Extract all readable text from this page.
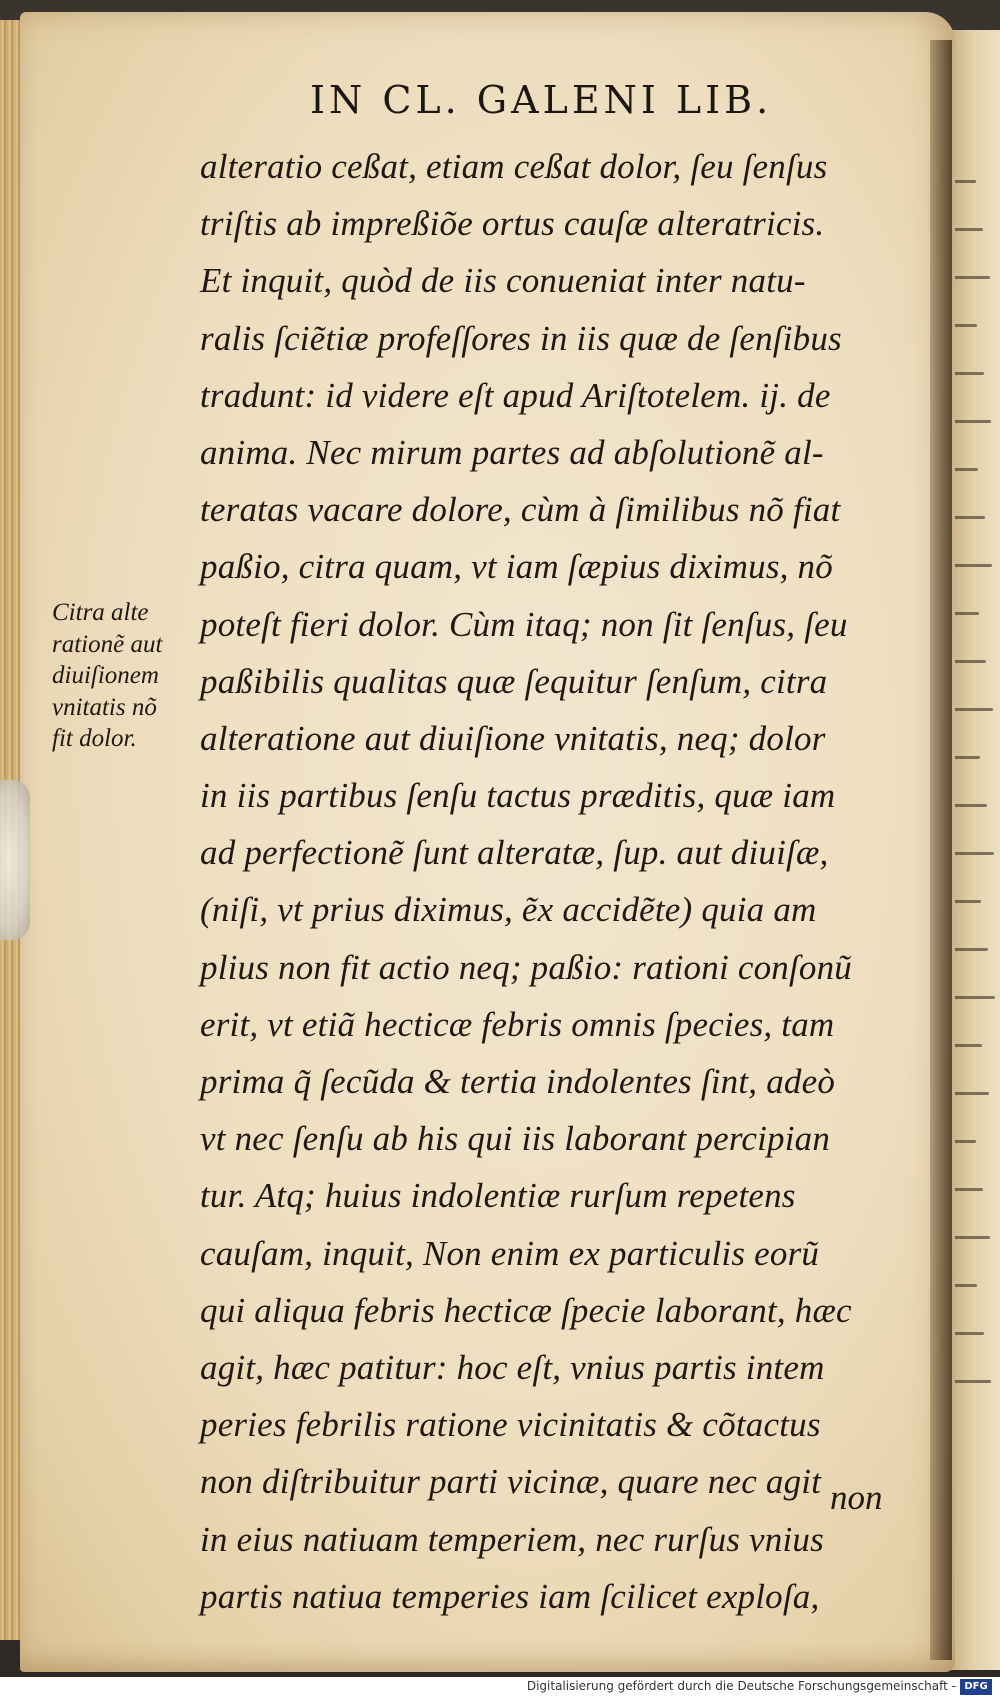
IN CL. GALENI LIB.
alteratio ceßat, etiam ceßat dolor, ſeu ſenſus
triſtis ab impreßiõe ortus cauſæ alteratricis.
Et inquit, quòd de iis conueniat inter natu-
ralis ſciẽtiæ profeſſores in iis quæ de ſenſibus
tradunt: id videre eſt apud Ariſtotelem. ij. de
anima. Nec mirum partes ad abſolutionẽ al-
teratas vacare dolore, cùm à ſimilibus nõ fiat
paßio, citra quam, vt iam ſæpius diximus, nõ
poteſt fieri dolor. Cùm itaq; non ſit ſenſus, ſeu
paßibilis qualitas quæ ſequitur ſenſum, citra
alteratione aut diuiſione vnitatis, neq; dolor
in iis partibus ſenſu tactus præditis, quæ iam
ad perfectionẽ ſunt alteratæ, ſup. aut diuiſæ,
(niſi, vt prius diximus, ẽx accidẽte) quia am
plius non fit actio neq; paßio: rationi conſonũ
erit, vt etiã hecticæ febris omnis ſpecies, tam
prima q̃ ſecũda & tertia indolentes ſint, adeò
vt nec ſenſu ab his qui iis laborant percipian
tur. Atq; huius indolentiæ rurſum repetens
cauſam, inquit, Non enim ex particulis eorũ
qui aliqua febris hecticæ ſpecie laborant, hæc
agit, hæc patitur: hoc eſt, vnius partis intem
peries febrilis ratione vicinitatis & cõtactus
non diſtribuitur parti vicinæ, quare nec agit
in eius natiuam temperiem, nec rurſus vnius
partis natiua temperies iam ſcilicet exploſa,
non
Citra alte
rationẽ aut
diuiſionem
vnitatis nõ
fit dolor.
Digitalisierung gefördert durch die Deutsche Forschungsgemeinschaft - DFG
